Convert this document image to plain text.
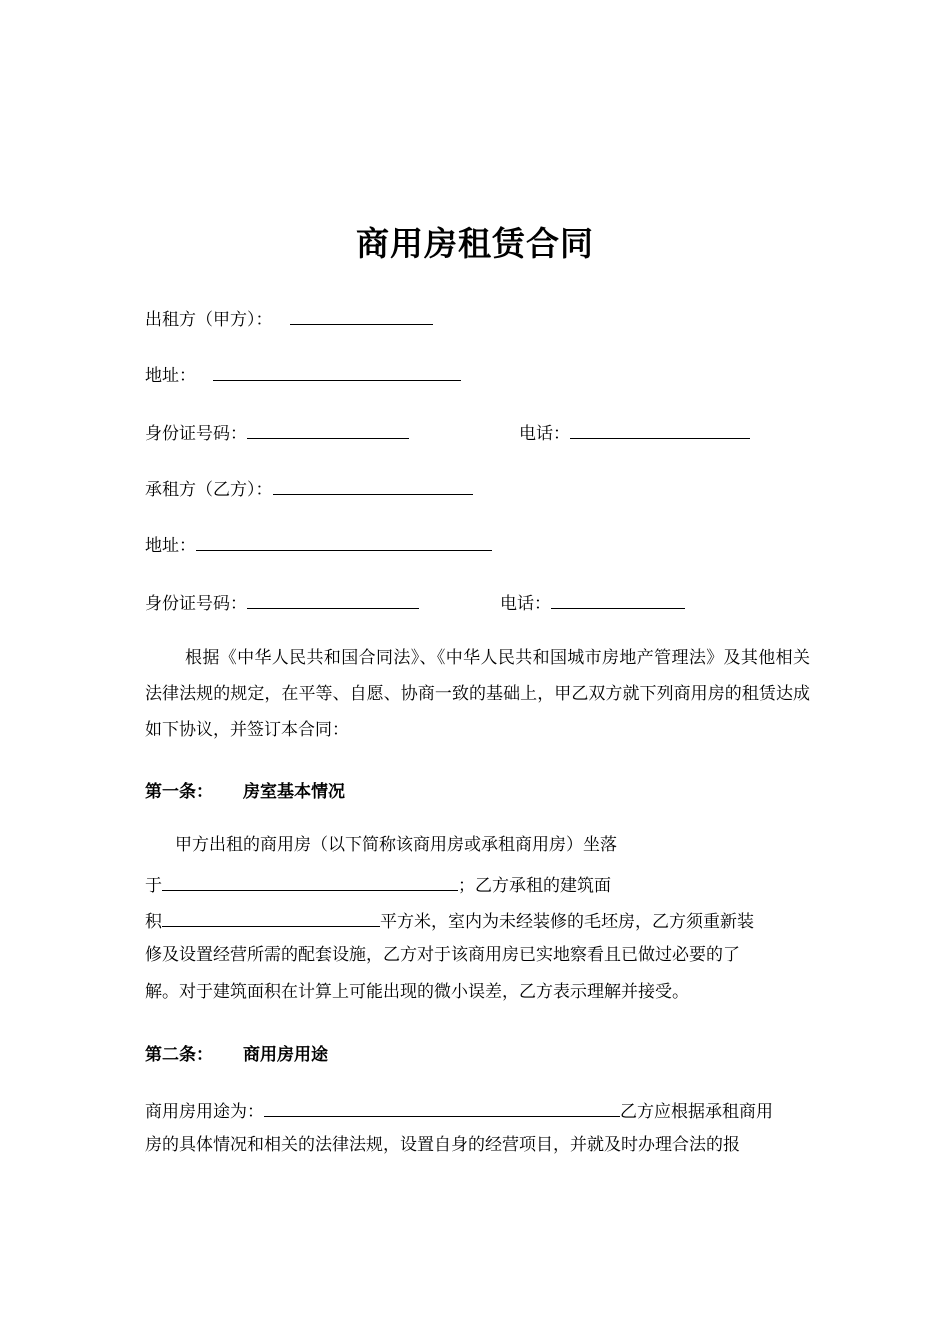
商用房租赁合同
出租方（甲方）：
地址：
身份证号码：	电话：
承租方（乙方）：
地址：
身份证号码：	电话：
根据《中华人民共和国合同法》、《中华人民共和国城市房地产管理法》及其他相关法律法规的规定，在平等、自愿、协商一致的基础上，甲乙双方就下列商用房的租赁达成如下协议，并签订本合同：
第一条： 房室基本情况
甲方出租的商用房（以下简称该商用房或承租商用房）坐落
于	；乙方承租的建筑面
积	平方米，室内为未经装修的毛坯房，乙方须重新装
修及设置经营所需的配套设施，乙方对于该商用房已实地察看且已做过必要的了
解。对于建筑面积在计算上可能出现的微小误差，乙方表示理解并接受。
第二条： 商用房用途
商用房用途为：	乙方应根据承租商用
房的具体情况和相关的法律法规，设置自身的经营项目，并就及时办理合法的报
